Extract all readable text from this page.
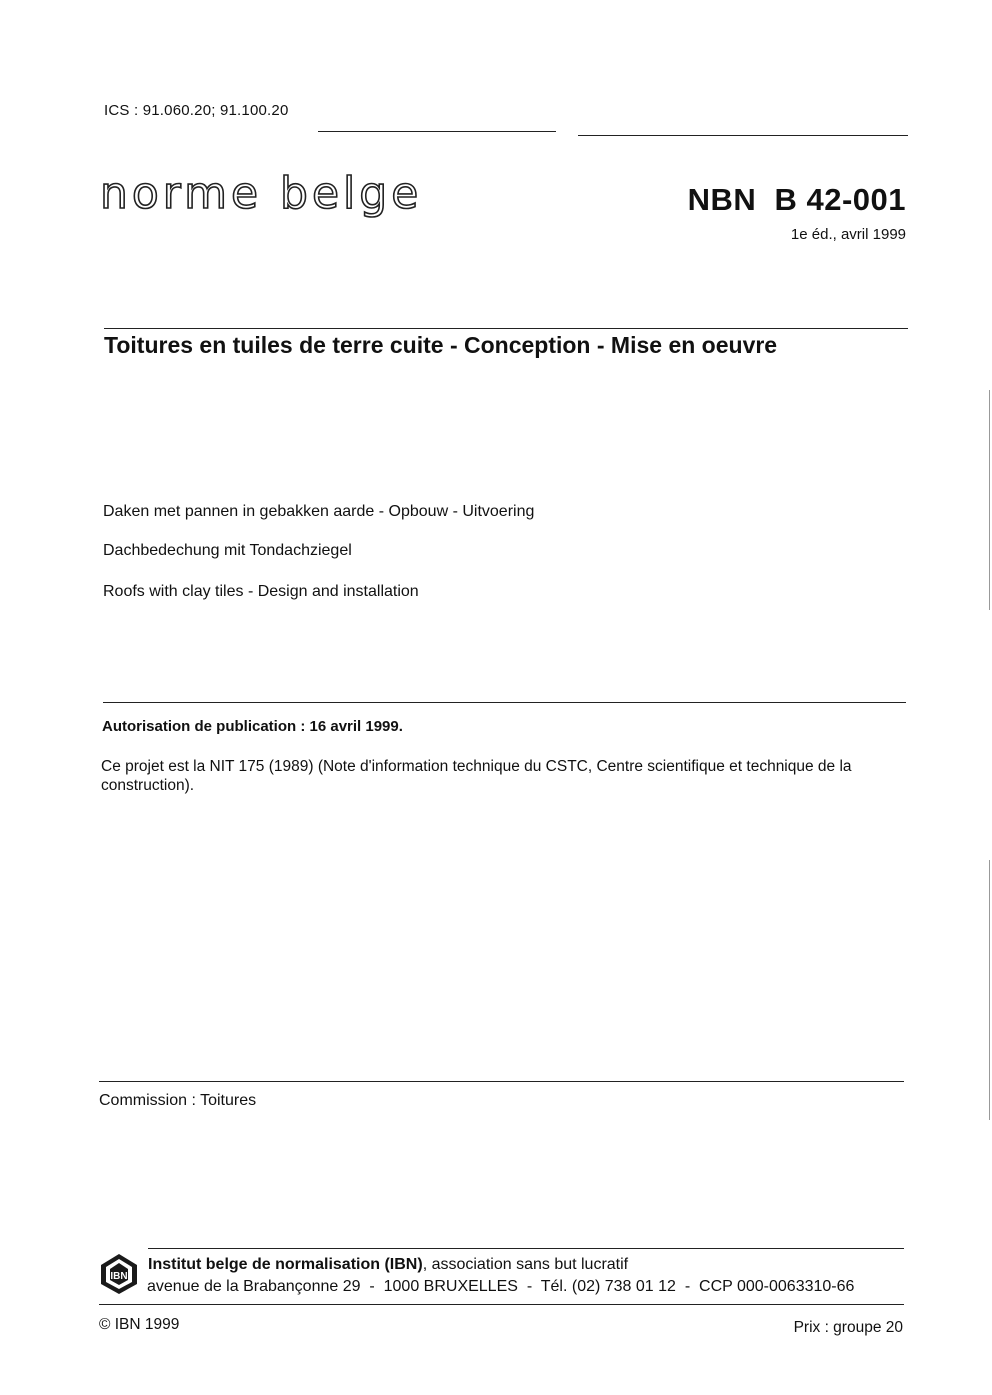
ICS : 91.060.20; 91.100.20
norme belge	NBN  B 42-001
1e éd., avril 1999
Toitures en tuiles de terre cuite - Conception - Mise en oeuvre
Daken met pannen in gebakken aarde - Opbouw - Uitvoering
Dachbedechung mit Tondachziegel
Roofs with clay tiles - Design and installation
Autorisation de publication : 16 avril 1999.
Ce projet est la NIT 175 (1989) (Note d'information technique du CSTC, Centre scientifique et technique de la construction).
Commission : Toitures
IBN
Institut belge de normalisation (IBN), association sans but lucratif
avenue de la Brabançonne 29  -  1000 BRUXELLES  -  Tél. (02) 738 01 12  -  CCP 000-0063310-66
© IBN 1999	Prix : groupe 20
